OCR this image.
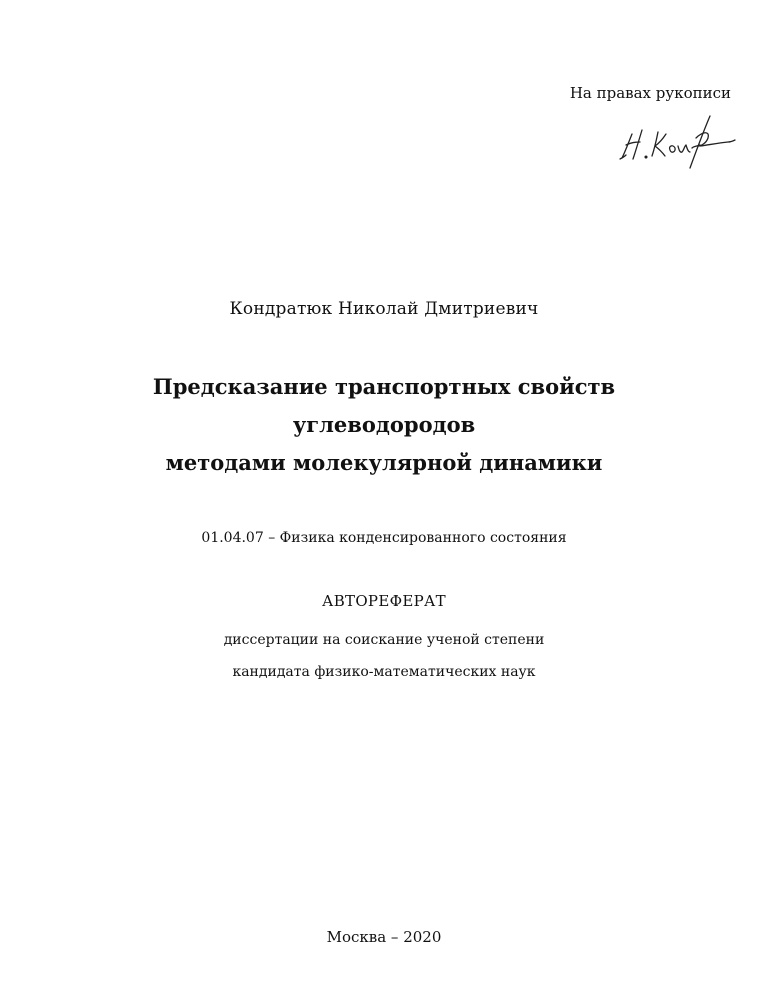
На правах рукописи
Кондратюк Николай Дмитриевич
Предсказание транспортных свойств
углеводородов
методами молекулярной динамики
01.04.07 – Физика конденсированного состояния
АВТОРЕФЕРАТ
диссертации на соискание ученой степени
кандидата физико-математических наук
Москва – 2020
